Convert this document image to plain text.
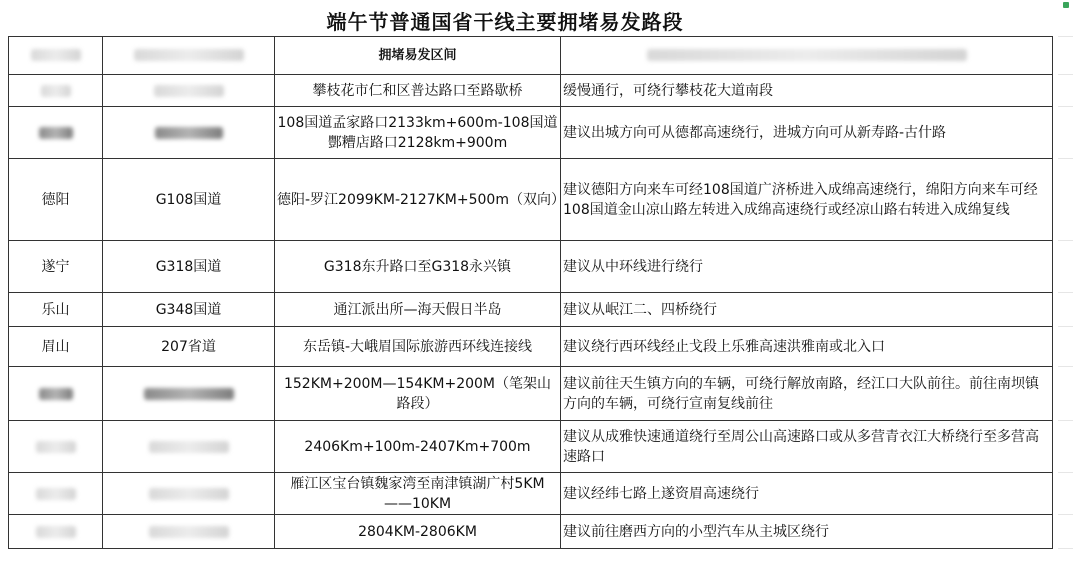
端午节普通国省干线主要拥堵易发路段
		拥堵易发区间	
		攀枝花市仁和区普达路口至路歇桥	缓慢通行，可绕行攀枝花大道南段
		108国道孟家路口2133km+600m-108国道酆糟店路口2128km+900m	建议出城方向可从德都高速绕行，进城方向可从新寿路-古什路
德阳	G108国道	德阳-罗江2099KM-2127KM+500m（双向）	建议德阳方向来车可经108国道广济桥进入成绵高速绕行，绵阳方向来车可经108国道金山凉山路左转进入成绵高速绕行或经凉山路右转进入成绵复线
遂宁	G318国道	G318东升路口至G318永兴镇	建议从中环线进行绕行
乐山	G348国道	通江派出所—海天假日半岛	建议从岷江二、四桥绕行
眉山	207省道	东岳镇-大峨眉国际旅游西环线连接线	建议绕行西环线经止戈段上乐雅高速洪雅南或北入口
		152KM+200M—154KM+200M（笔架山路段）	建议前往天生镇方向的车辆，可绕行解放南路，经江口大队前往。前往南坝镇方向的车辆，可绕行宣南复线前往
		2406Km+100m-2407Km+700m	建议从成雅快速通道绕行至周公山高速路口或从多营青衣江大桥绕行至多营高速路口
		雁江区宝台镇魏家湾至南津镇湖广村5KM——10KM	建议经纬七路上遂资眉高速绕行
		2804KM-2806KM	建议前往磨西方向的小型汽车从主城区绕行
